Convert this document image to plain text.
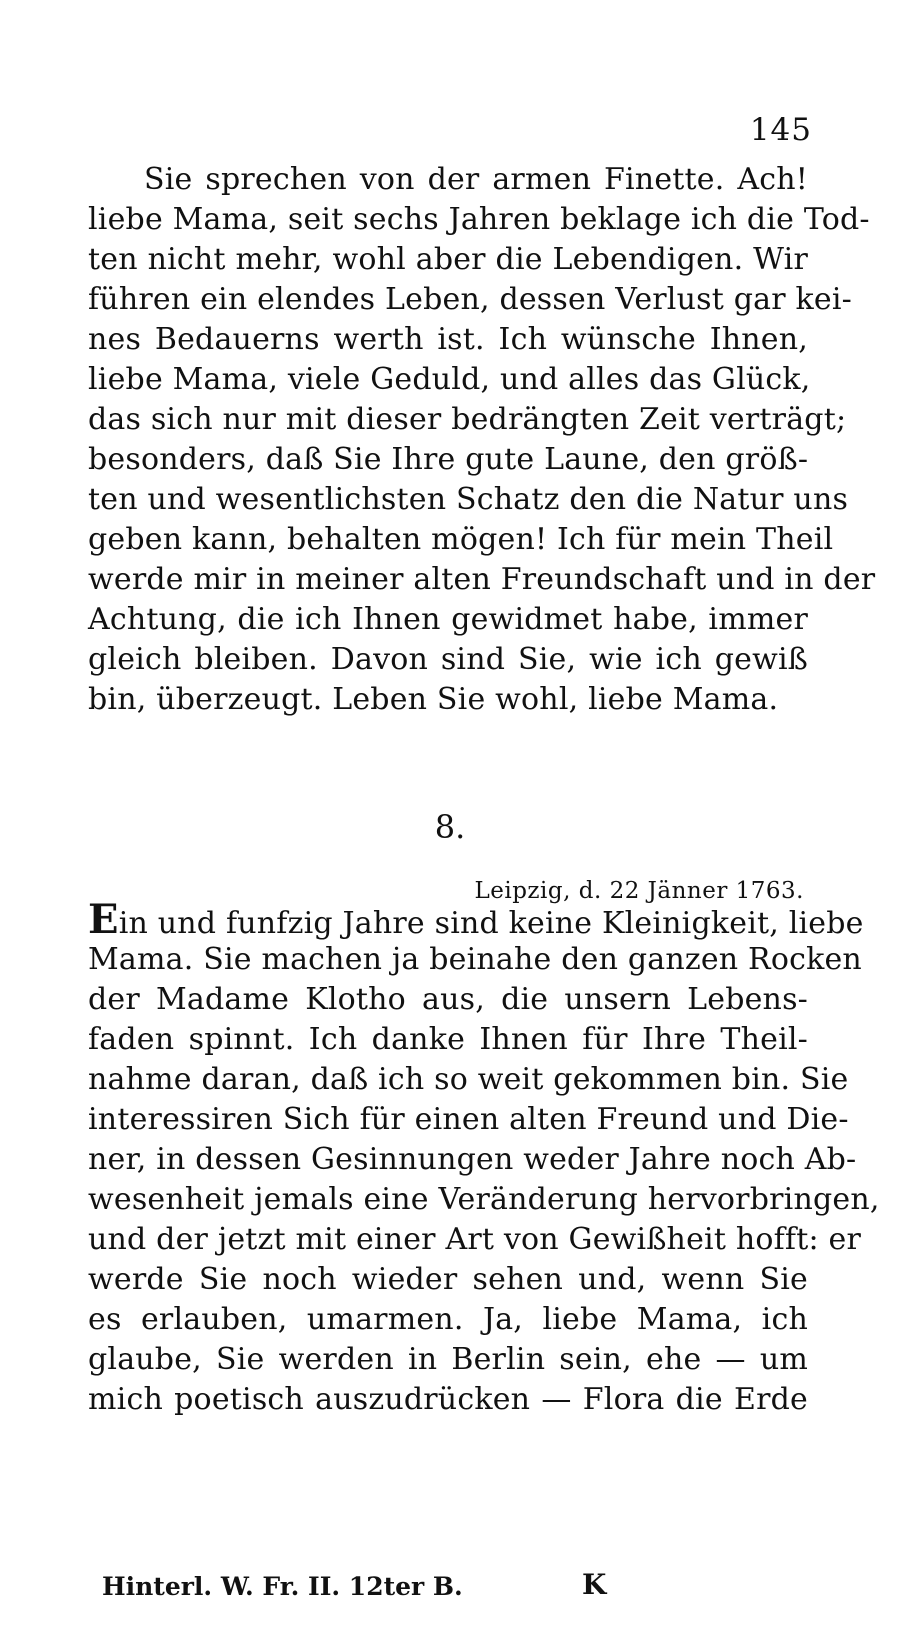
145
Sie sprechen von der armen Finette. Ach!
liebe Mama, seit sechs Jahren beklage ich die Tod-
ten nicht mehr, wohl aber die Lebendigen. Wir
führen ein elendes Leben, dessen Verlust gar kei-
nes Bedauerns werth ist. Ich wünsche Ihnen,
liebe Mama, viele Geduld, und alles das Glück,
das sich nur mit dieser bedrängten Zeit verträgt;
besonders, daß Sie Ihre gute Laune, den größ-
ten und wesentlichsten Schatz den die Natur uns
geben kann, behalten mögen! Ich für mein Theil
werde mir in meiner alten Freundschaft und in der
Achtung, die ich Ihnen gewidmet habe, immer
gleich bleiben. Davon sind Sie, wie ich gewiß
bin, überzeugt. Leben Sie wohl, liebe Mama.
8.
Leipzig, d. 22 Jänner 1763.
Ein und funfzig Jahre sind keine Kleinigkeit, liebe
Mama. Sie machen ja beinahe den ganzen Rocken
der Madame Klotho aus, die unsern Lebens-
faden spinnt. Ich danke Ihnen für Ihre Theil-
nahme daran, daß ich so weit gekommen bin. Sie
interessiren Sich für einen alten Freund und Die-
ner, in dessen Gesinnungen weder Jahre noch Ab-
wesenheit jemals eine Veränderung hervorbringen,
und der jetzt mit einer Art von Gewißheit hofft: er
werde Sie noch wieder sehen und, wenn Sie
es erlauben, umarmen. Ja, liebe Mama, ich
glaube, Sie werden in Berlin sein, ehe — um
mich poetisch auszudrücken — Flora die Erde
Hinterl. W. Fr. II. 12ter B.	K
